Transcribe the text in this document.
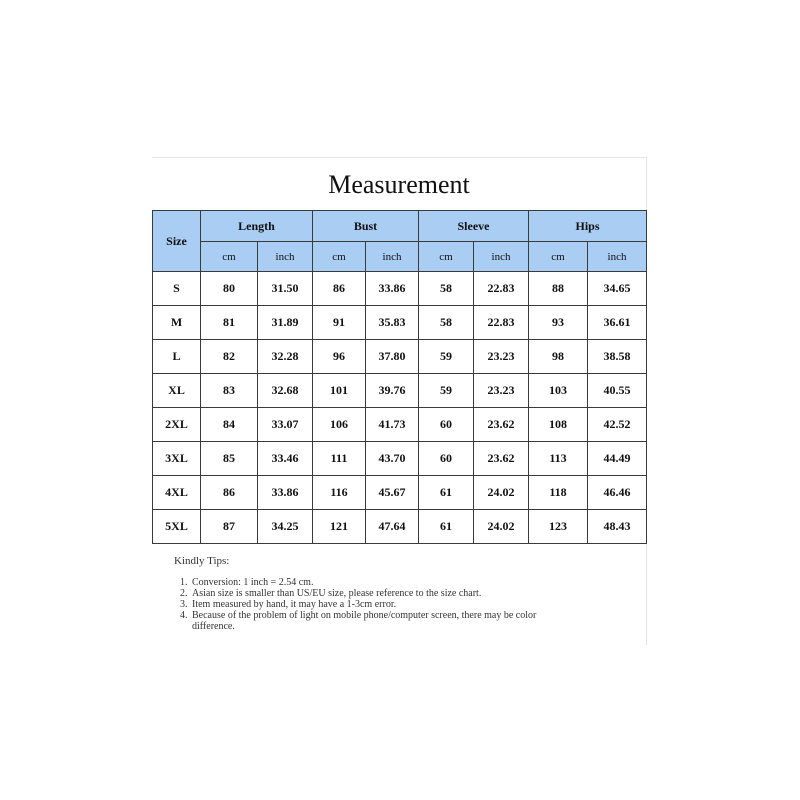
Measurement
Size	Length		Bust		Sleeve		Hips	
	cm	inch	cm	inch	cm	inch	cm	inch
S	80	31.50	86	33.86	58	22.83	88	34.65
M	81	31.89	91	35.83	58	22.83	93	36.61
L	82	32.28	96	37.80	59	23.23	98	38.58
XL	83	32.68	101	39.76	59	23.23	103	40.55
2XL	84	33.07	106	41.73	60	23.62	108	42.52
3XL	85	33.46	111	43.70	60	23.62	113	44.49
4XL	86	33.86	116	45.67	61	24.02	118	46.46
5XL	87	34.25	121	47.64	61	24.02	123	48.43
Kindly Tips:
1. Conversion: 1 inch = 2.54 cm.
2. Asian size is smaller than US/EU size, please reference to the size chart.
3. Item measured by hand, it may have a 1-3cm error.
4. Because of the problem of light on mobile phone/computer screen, there may be color difference.
